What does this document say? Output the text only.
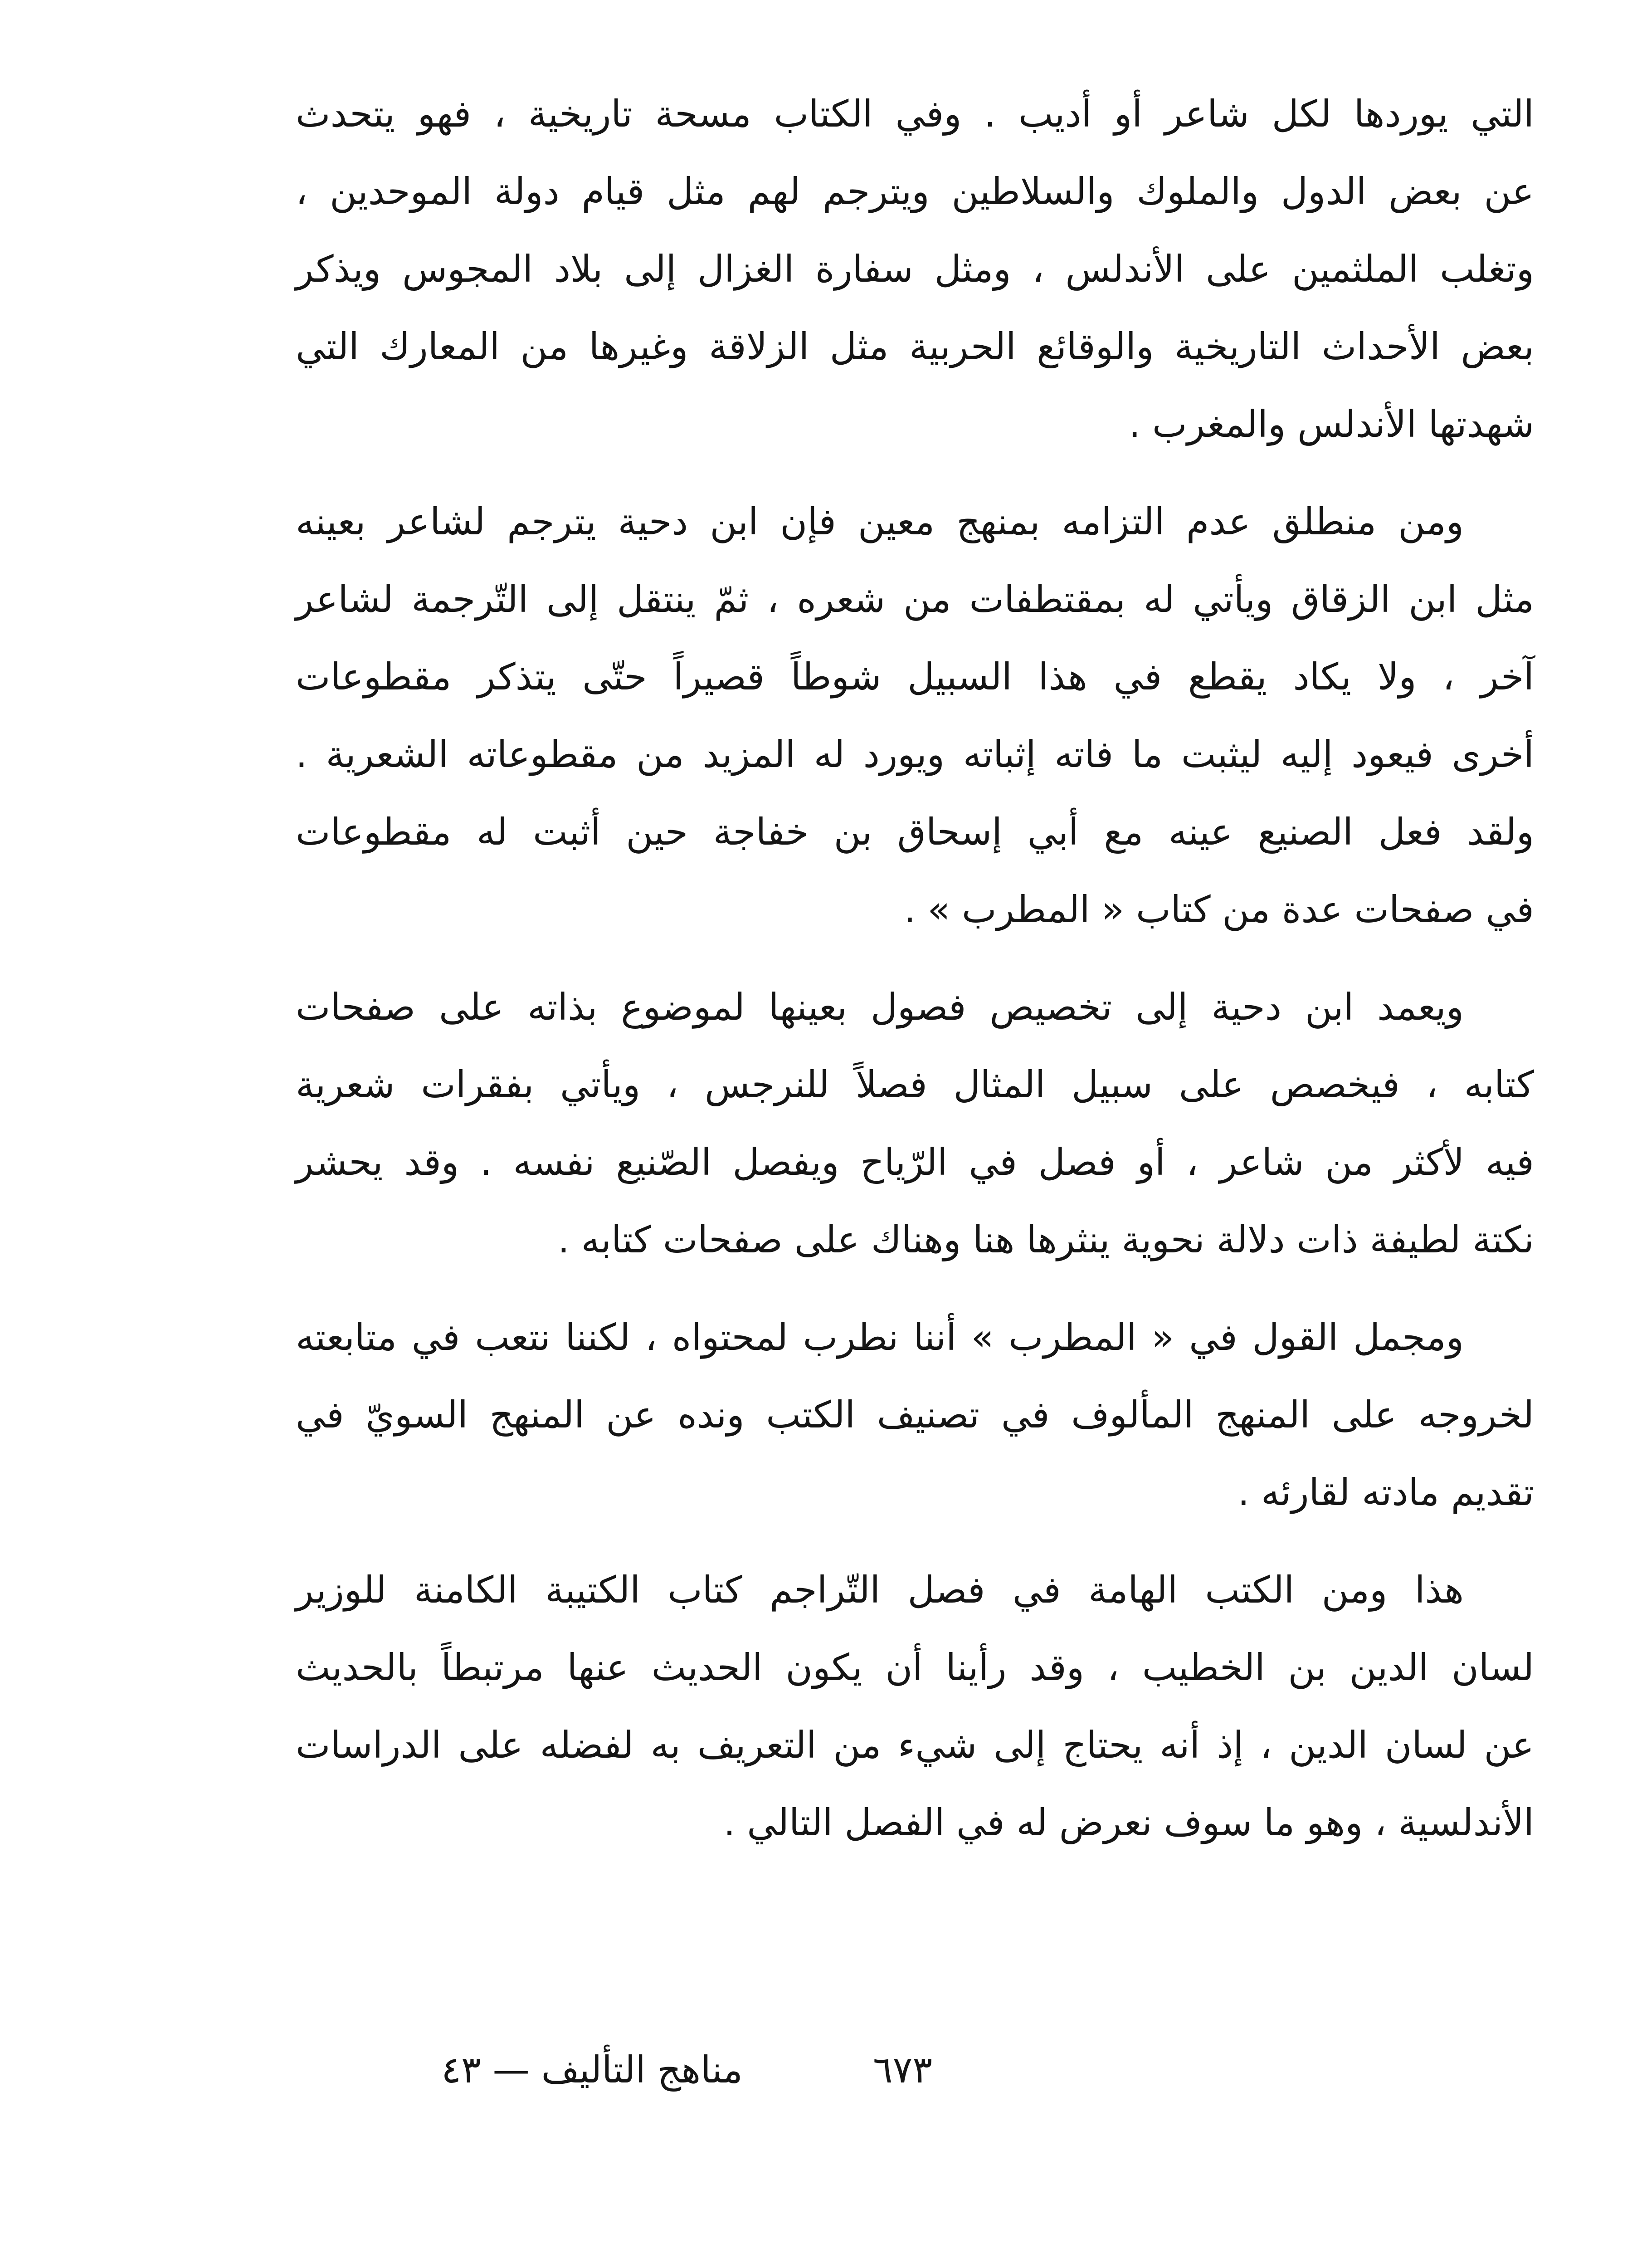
التي يوردها لكل شاعر أو أديب . وفي الكتاب مسحة تاريخية ، فهو يتحدث
عن بعض الدول والملوك والسلاطين ويترجم لهم مثل قيام دولة الموحدين ،
وتغلب الملثمين على الأندلس ، ومثل سفارة الغزال إلى بلاد المجوس ويذكر
بعض الأحداث التاريخية والوقائع الحربية مثل الزلاقة وغيرها من المعارك التي
شهدتها الأندلس والمغرب .
ومن منطلق عدم التزامه بمنهج معين فإن ابن دحية يترجم لشاعر بعينه
مثل ابن الزقاق ويأتي له بمقتطفات من شعره ، ثمّ ينتقل إلى التّرجمة لشاعر
آخر ، ولا يكاد يقطع في هذا السبيل شوطاً قصيراً حتّى يتذكر مقطوعات
أخرى فيعود إليه ليثبت ما فاته إثباته ويورد له المزيد من مقطوعاته الشعرية .
ولقد فعل الصنيع عينه مع أبي إسحاق بن خفاجة حين أثبت له مقطوعات
في صفحات عدة من كتاب « المطرب » .
ويعمد ابن دحية إلى تخصيص فصول بعينها لموضوع بذاته على صفحات
كتابه ، فيخصص على سبيل المثال فصلاً للنرجس ، ويأتي بفقرات شعرية
فيه لأكثر من شاعر ، أو فصل في الرّياح ويفصل الصّنيع نفسه . وقد يحشر
نكتة لطيفة ذات دلالة نحوية ينثرها هنا وهناك على صفحات كتابه .
ومجمل القول في « المطرب » أننا نطرب لمحتواه ، لكننا نتعب في متابعته
لخروجه على المنهج المألوف في تصنيف الكتب ونده عن المنهج السويّ في
تقديم مادته لقارئه .
هذا ومن الكتب الهامة في فصل التّراجم كتاب الكتيبة الكامنة للوزير
لسان الدين بن الخطيب ، وقد رأينا أن يكون الحديث عنها مرتبطاً بالحديث
عن لسان الدين ، إذ أنه يحتاج إلى شيء من التعريف به لفضله على الدراسات
الأندلسية ، وهو ما سوف نعرض له في الفصل التالي .
٦٧٣
مناهج التأليف — ٤٣
